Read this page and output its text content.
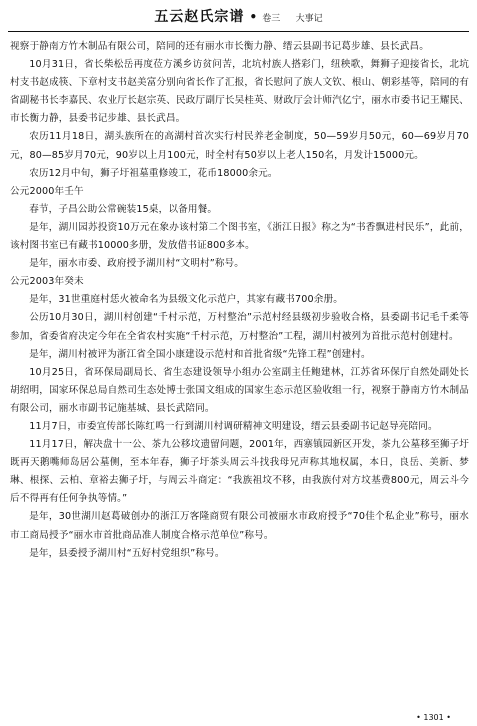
五云赵氏宗谱 • 卷三 大事记

视察于静南方竹木制品有限公司，陪同的还有丽水市长衡力静、缙云县副书记葛步雄、县长武昌。

10月31日，省长柴松岳再度莅方溪乡访贫问苦，北坑村族人搭彩门，纽秧歌，舞狮子迎接省长，北坑村支书赵成筷、下章村支书赵美富分别向省长作了汇报，省长慰问了族人文钦、根山、朝彩基等，陪同的有省副秘书长李嘉民、农业厅长赵宗英、民政厅副厅长吴桂英、财政厅会计师汽亿宁，丽水市委书记王耀民、市长衡力静，县委书记步雄、县长武昌。

农历11月18日，湖头族所在的高湖村首次实行村民养老金制度，50—59岁月50元，60—69岁月70元，80—85岁月70元，90岁以上月100元，时全村有50岁以上老人150名，月发计15000元。

农历12月中旬，狮子圩祖墓重修竣工，花币18000余元。

公元2000年壬午

春节，子昌公助公常碗装15桌，以备用餐。

是年，湖川园苏投资10万元在象办该村第二个图书室，《浙江日报》称之为“书香飘进村民乐”，此前，该村图书室已有藏书10000多册，发放借书证800多本。

是年，丽水市委、政府授予湖川村“文明村”称号。

公元2003年癸未

是年，31世重庭村恁火被命名为县级文化示范户，其家有藏书700余册。

公历10月30日，湖川村创建“千村示范，万村整治”示范村经县级初步验收合格，县委副书记毛千柔等参加，省委省府决定今年在全省农村实施“千村示范，万村整治”工程，湖川村被列为首批示范村创建村。

是年，湖川村被评为浙江省全国小康建设示范村和首批省级“先锋工程”创建村。

10月25日，省环保局副局长、省生态建设领导小组办公室副主任鲍建林，江苏省环保厅自然处副处长胡绍明，国家环保总局自然司生态处博士张国文组成的国家生态示范区验收组一行，视察于静南方竹木制品有限公司，丽水市副书记施基城、县长武陪同。

11月7日，市委宣传部长陈红鸣一行到湖川村调研精神文明建设，缙云县委副书记赵导亮陪同。

11月17日，解决盘十一公、茶九公移坟遗留问题，2001年，西寨镇园新区开发，茶九公墓移至狮子圩既再天鹅嘴师岛居公墓侧，至本年春，狮子圩茶头周云斗找我母兄声称其地权属，本日，良岳、美新、梦琳、根探、云柏、章裕去狮子圩，与周云斗商定：“我族祖坟不移，由我族付对方坟基费800元，周云斗今后不得再有任何争执等情。”

是年，30世湖川赵葛破创办的浙江万客隆商贸有限公司被丽水市政府授予“70佳个私企业”称号，丽水市工商局授予“丽水市首批商品准人制度合格示范单位”称号。

是年，县委授予湖川村“五好村党组织”称号。

• 1301 •
